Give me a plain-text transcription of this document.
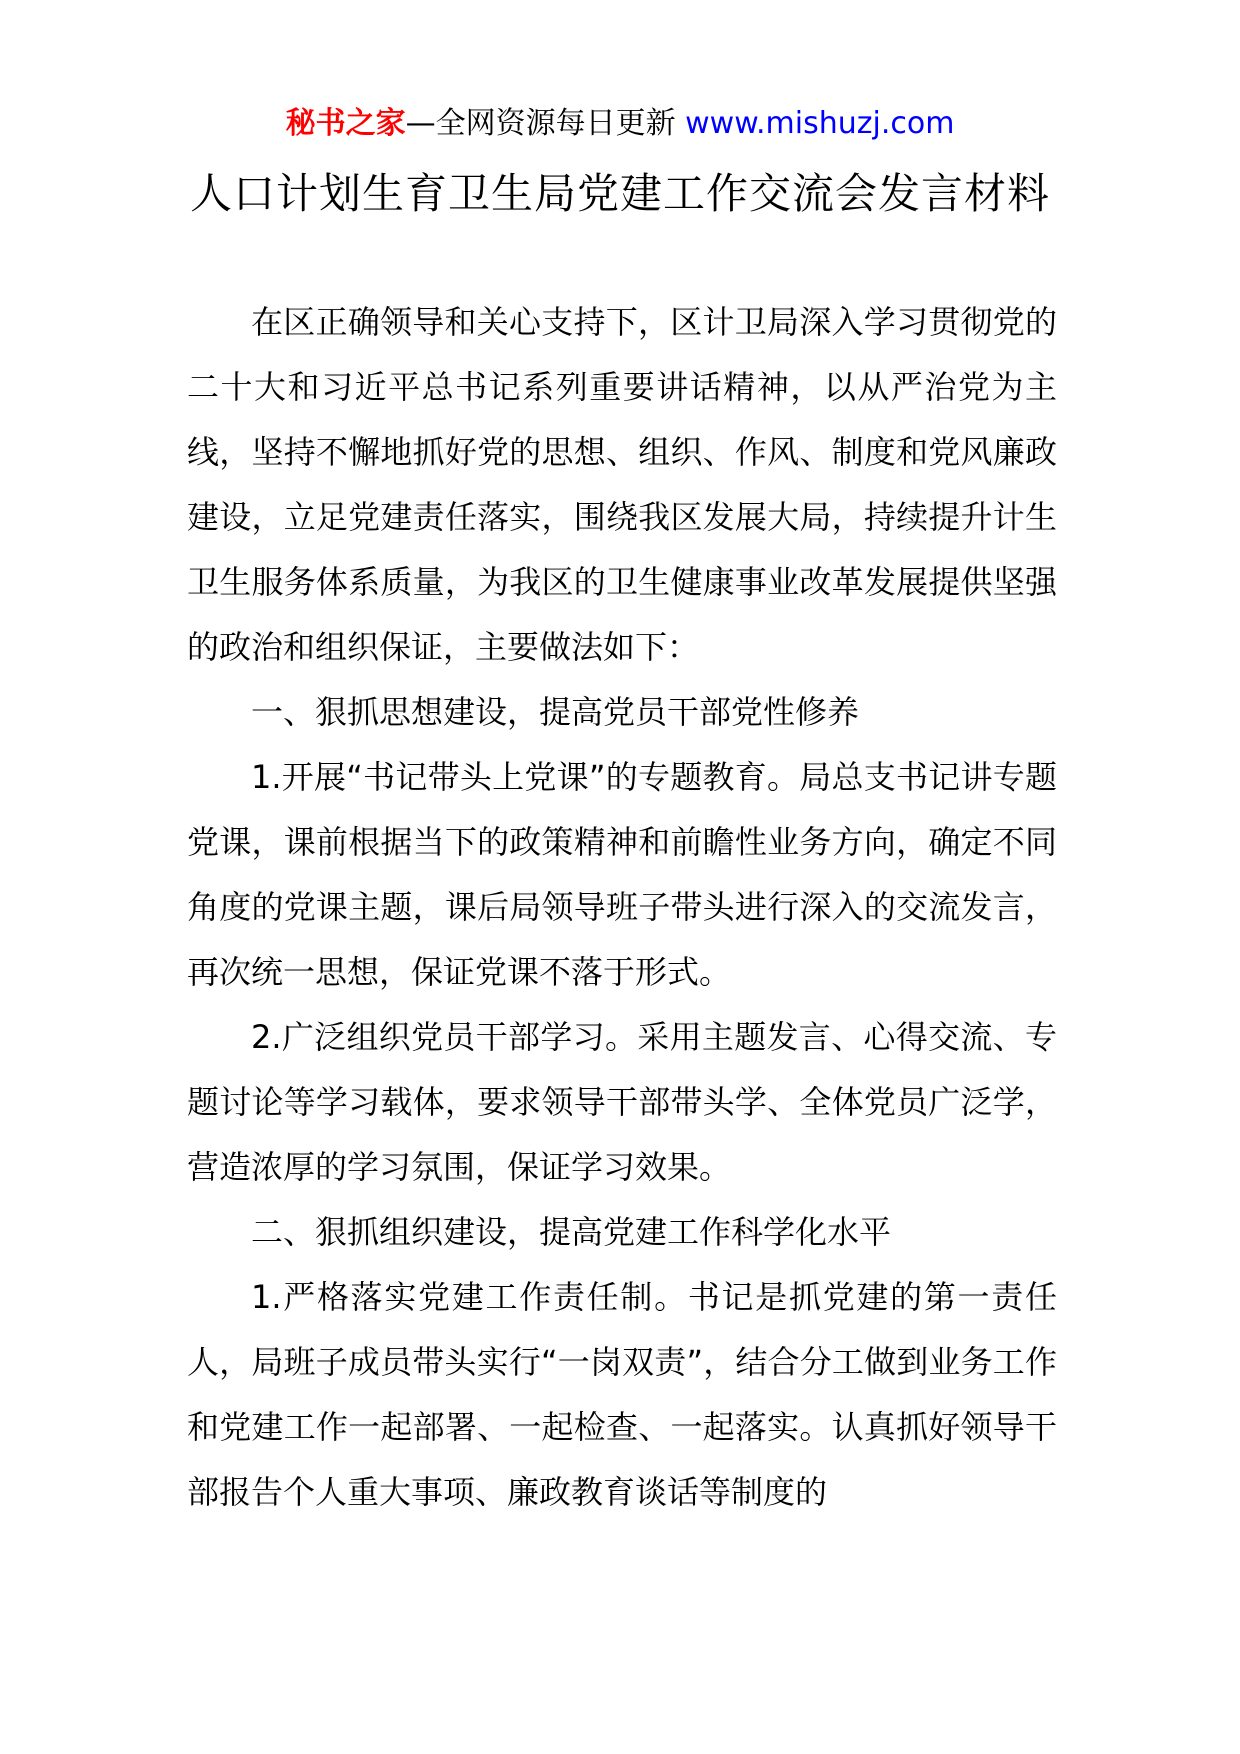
秘书之家—全网资源每日更新 www.mishuzj.com
人口计划生育卫生局党建工作交流会发言材料

在区正确领导和关心支持下，区计卫局深入学习贯彻党的二十大和习近平总书记系列重要讲话精神，以从严治党为主线，坚持不懈地抓好党的思想、组织、作风、制度和党风廉政建设，立足党建责任落实，围绕我区发展大局，持续提升计生卫生服务体系质量，为我区的卫生健康事业改革发展提供坚强的政治和组织保证，主要做法如下：

一、狠抓思想建设，提高党员干部党性修养

1.开展“书记带头上党课”的专题教育。局总支书记讲专题党课，课前根据当下的政策精神和前瞻性业务方向，确定不同角度的党课主题，课后局领导班子带头进行深入的交流发言，再次统一思想，保证党课不落于形式。

2.广泛组织党员干部学习。采用主题发言、心得交流、专题讨论等学习载体，要求领导干部带头学、全体党员广泛学，营造浓厚的学习氛围，保证学习效果。

二、狠抓组织建设，提高党建工作科学化水平

1.严格落实党建工作责任制。书记是抓党建的第一责任人，局班子成员带头实行“一岗双责”，结合分工做到业务工作和党建工作一起部署、一起检查、一起落实。认真抓好领导干部报告个人重大事项、廉政教育谈话等制度的
